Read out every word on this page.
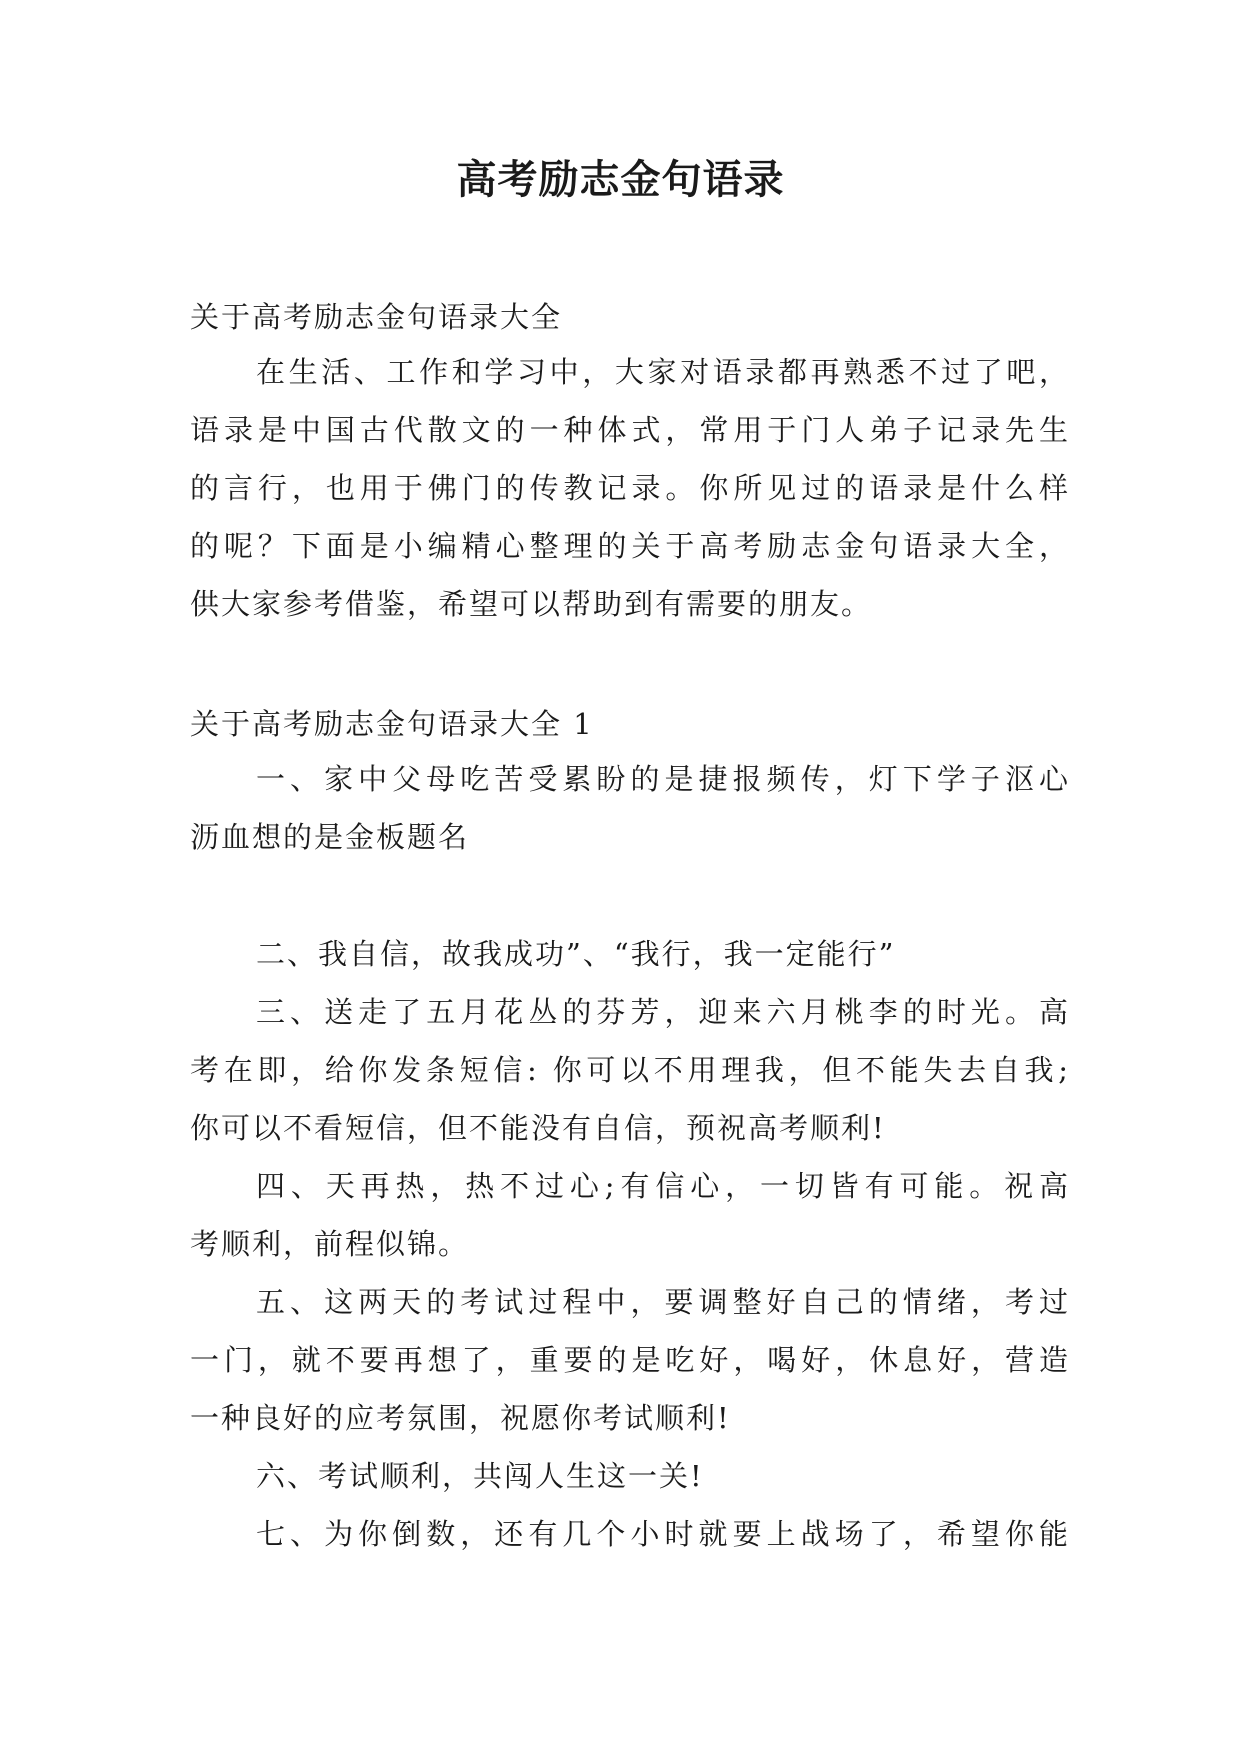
高考励志金句语录

关于高考励志金句语录大全

在生活、工作和学习中，大家对语录都再熟悉不过了吧，

语录是中国古代散文的一种体式，常用于门人弟子记录先生

的言行，也用于佛门的传教记录。你所见过的语录是什么样

的呢？下面是小编精心整理的关于高考励志金句语录大全，

供大家参考借鉴，希望可以帮助到有需要的朋友。

关于高考励志金句语录大全 1

一、家中父母吃苦受累盼的是捷报频传，灯下学子沤心

沥血想的是金板题名

二、我自信，故我成功”、“我行，我一定能行”

三、送走了五月花丛的芬芳，迎来六月桃李的时光。高

考在即，给你发条短信: 你可以不用理我，但不能失去自我;

你可以不看短信，但不能没有自信，预祝高考顺利!

四、天再热，热不过心;有信心，一切皆有可能。祝高

考顺利，前程似锦。

五、这两天的考试过程中，要调整好自己的情绪，考过

一门，就不要再想了，重要的是吃好，喝好，休息好，营造

一种良好的应考氛围，祝愿你考试顺利!

六、考试顺利，共闯人生这一关!

七、为你倒数，还有几个小时就要上战场了，希望你能
